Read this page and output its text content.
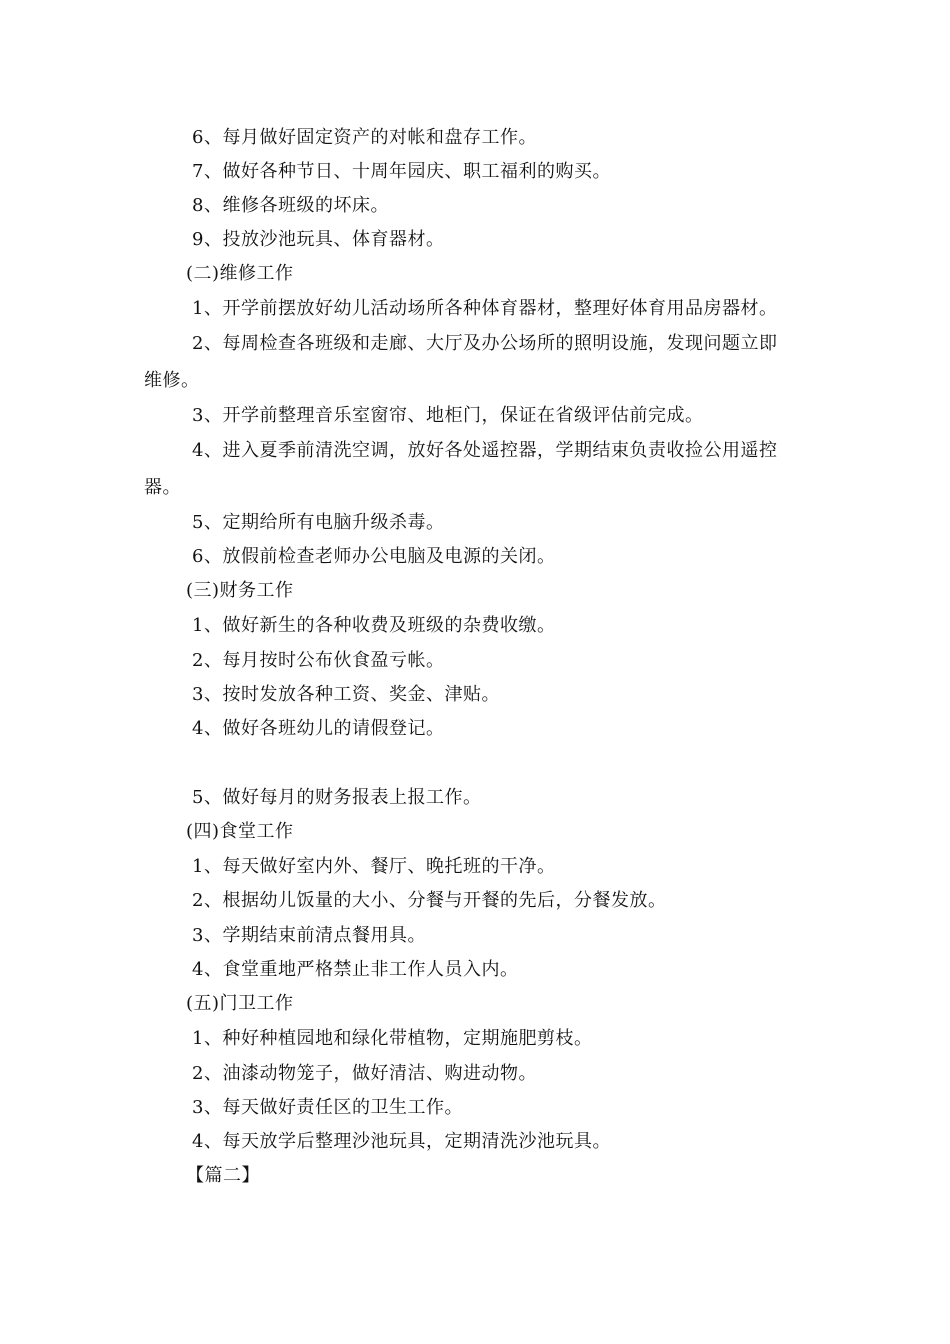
6、每月做好固定资产的对帐和盘存工作。
7、做好各种节日、十周年园庆、职工福利的购买。
8、维修各班级的坏床。
9、投放沙池玩具、体育器材。
(二)维修工作
1、开学前摆放好幼儿活动场所各种体育器材，整理好体育用品房器材。
2、每周检查各班级和走廊、大厅及办公场所的照明设施，发现问题立即
维修。
3、开学前整理音乐室窗帘、地柜门，保证在省级评估前完成。
4、进入夏季前清洗空调，放好各处遥控器，学期结束负责收捡公用遥控
器。
5、定期给所有电脑升级杀毒。
6、放假前检查老师办公电脑及电源的关闭。
(三)财务工作
1、做好新生的各种收费及班级的杂费收缴。
2、每月按时公布伙食盈亏帐。
3、按时发放各种工资、奖金、津贴。
4、做好各班幼儿的请假登记。
5、做好每月的财务报表上报工作。
(四)食堂工作
1、每天做好室内外、餐厅、晚托班的干净。
2、根据幼儿饭量的大小、分餐与开餐的先后，分餐发放。
3、学期结束前清点餐用具。
4、食堂重地严格禁止非工作人员入内。
(五)门卫工作
1、种好种植园地和绿化带植物，定期施肥剪枝。
2、油漆动物笼子，做好清洁、购进动物。
3、每天做好责任区的卫生工作。
4、每天放学后整理沙池玩具，定期清洗沙池玩具。
【篇二】
